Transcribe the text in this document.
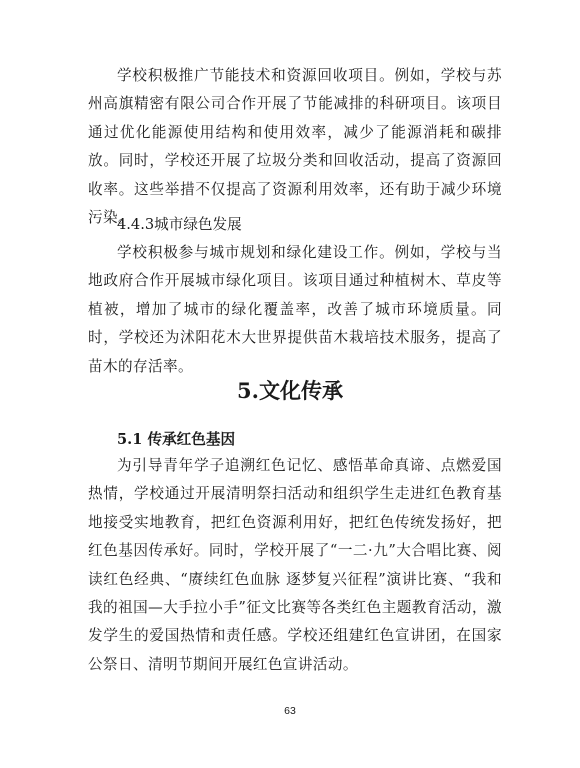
学校积极推广节能技术和资源回收项目。例如，学校与苏州高旗精密有限公司合作开展了节能减排的科研项目。该项目通过优化能源使用结构和使用效率，减少了能源消耗和碳排放。同时，学校还开展了垃圾分类和回收活动，提高了资源回收率。这些举措不仅提高了资源利用效率，还有助于减少环境污染。

4.4.3城市绿色发展

学校积极参与城市规划和绿化建设工作。例如，学校与当地政府合作开展城市绿化项目。该项目通过种植树木、草皮等植被，增加了城市的绿化覆盖率，改善了城市环境质量。同时，学校还为沭阳花木大世界提供苗木栽培技术服务，提高了苗木的存活率。

5.文化传承
5.1 传承红色基因

为引导青年学子追溯红色记忆、感悟革命真谛、点燃爱国热情，学校通过开展清明祭扫活动和组织学生走进红色教育基地接受实地教育，把红色资源利用好，把红色传统发扬好，把红色基因传承好。同时，学校开展了“一二·九”大合唱比赛、阅读红色经典、“赓续红色血脉 逐梦复兴征程”演讲比赛、“我和我的祖国—大手拉小手”征文比赛等各类红色主题教育活动，激发学生的爱国热情和责任感。学校还组建红色宣讲团，在国家公祭日、清明节期间开展红色宣讲活动。

63
